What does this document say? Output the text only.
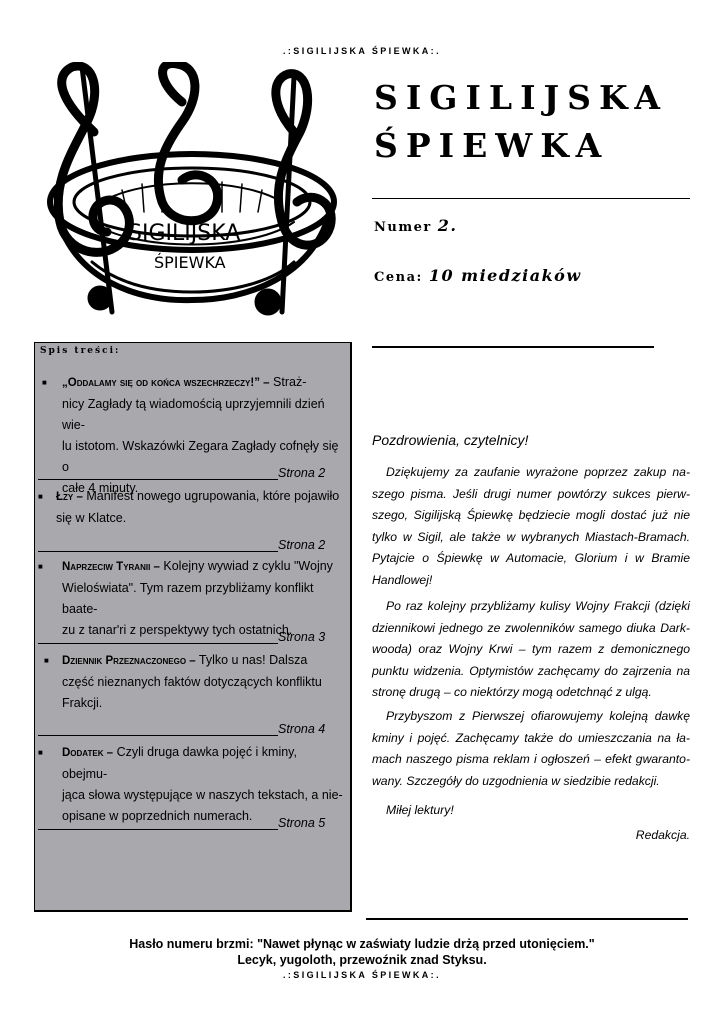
.:SIGILIJSKA ŚPIEWKA:.
SIGILIJSKA
ŚPIEWKA
SIGILIJSKA
ŚPIEWKA
Numer 2.
Cena: 10 miedziaków
Spis treści:
■ „Oddalamy się od końca wszechrzeczy!” – Straż-
nicy Zagłady tą wiadomością uprzyjemnili dzień wie-
lu istotom. Wskazówki Zegara Zagłady cofnęły się o
całe 4 minuty.
Strona 2
■ Łzy – Manifest nowego ugrupowania, które pojawiło
się w Klatce.
Strona 2
■ Naprzeciw Tyranii – Kolejny wywiad z cyklu "Wojny
Wieloświata". Tym razem przybliżamy konflikt baate-
zu z tanar'ri z perspektywy tych ostatnich.
Strona 3
■ Dziennik Przeznaczonego – Tylko u nas! Dalsza
część nieznanych faktów dotyczących konfliktu
Frakcji.
Strona 4
■ Dodatek – Czyli druga dawka pojęć i kminy, obejmu-
jąca słowa występujące w naszych tekstach, a nie-
opisane w poprzednich numerach.	Strona 5
Pozdrowienia, czytelnicy!
Dziękujemy za zaufanie wyrażone poprzez zakup na-szego pisma. Jeśli drugi numer powtórzy sukces pierw-szego, Sigilijską Śpiewkę będziecie mogli dostać już nie tylko w Sigil, ale także w wybranych Miastach-Bramach. Pytajcie o Śpiewkę w Automacie, Glorium i w Bramie Handlowej!
Po raz kolejny przybliżamy kulisy Wojny Frakcji (dzięki dziennikowi jednego ze zwolenników samego diuka Dark-wooda) oraz Wojny Krwi – tym razem z demonicznego punktu widzenia. Optymistów zachęcamy do zajrzenia na stronę drugą – co niektórzy mogą odetchnąć z ulgą.
Przybyszom z Pierwszej ofiarowujemy kolejną dawkę kminy i pojęć. Zachęcamy także do umieszczania na ła-mach naszego pisma reklam i ogłoszeń – efekt gwaranto-wany. Szczegóły do uzgodnienia w siedzibie redakcji.
Miłej lektury!
Redakcja.
Hasło numeru brzmi: "Nawet płynąc w zaświaty ludzie drżą przed utonięciem."
Lecyk, yugoloth, przewoźnik znad Styksu.
.:SIGILIJSKA ŚPIEWKA:.
